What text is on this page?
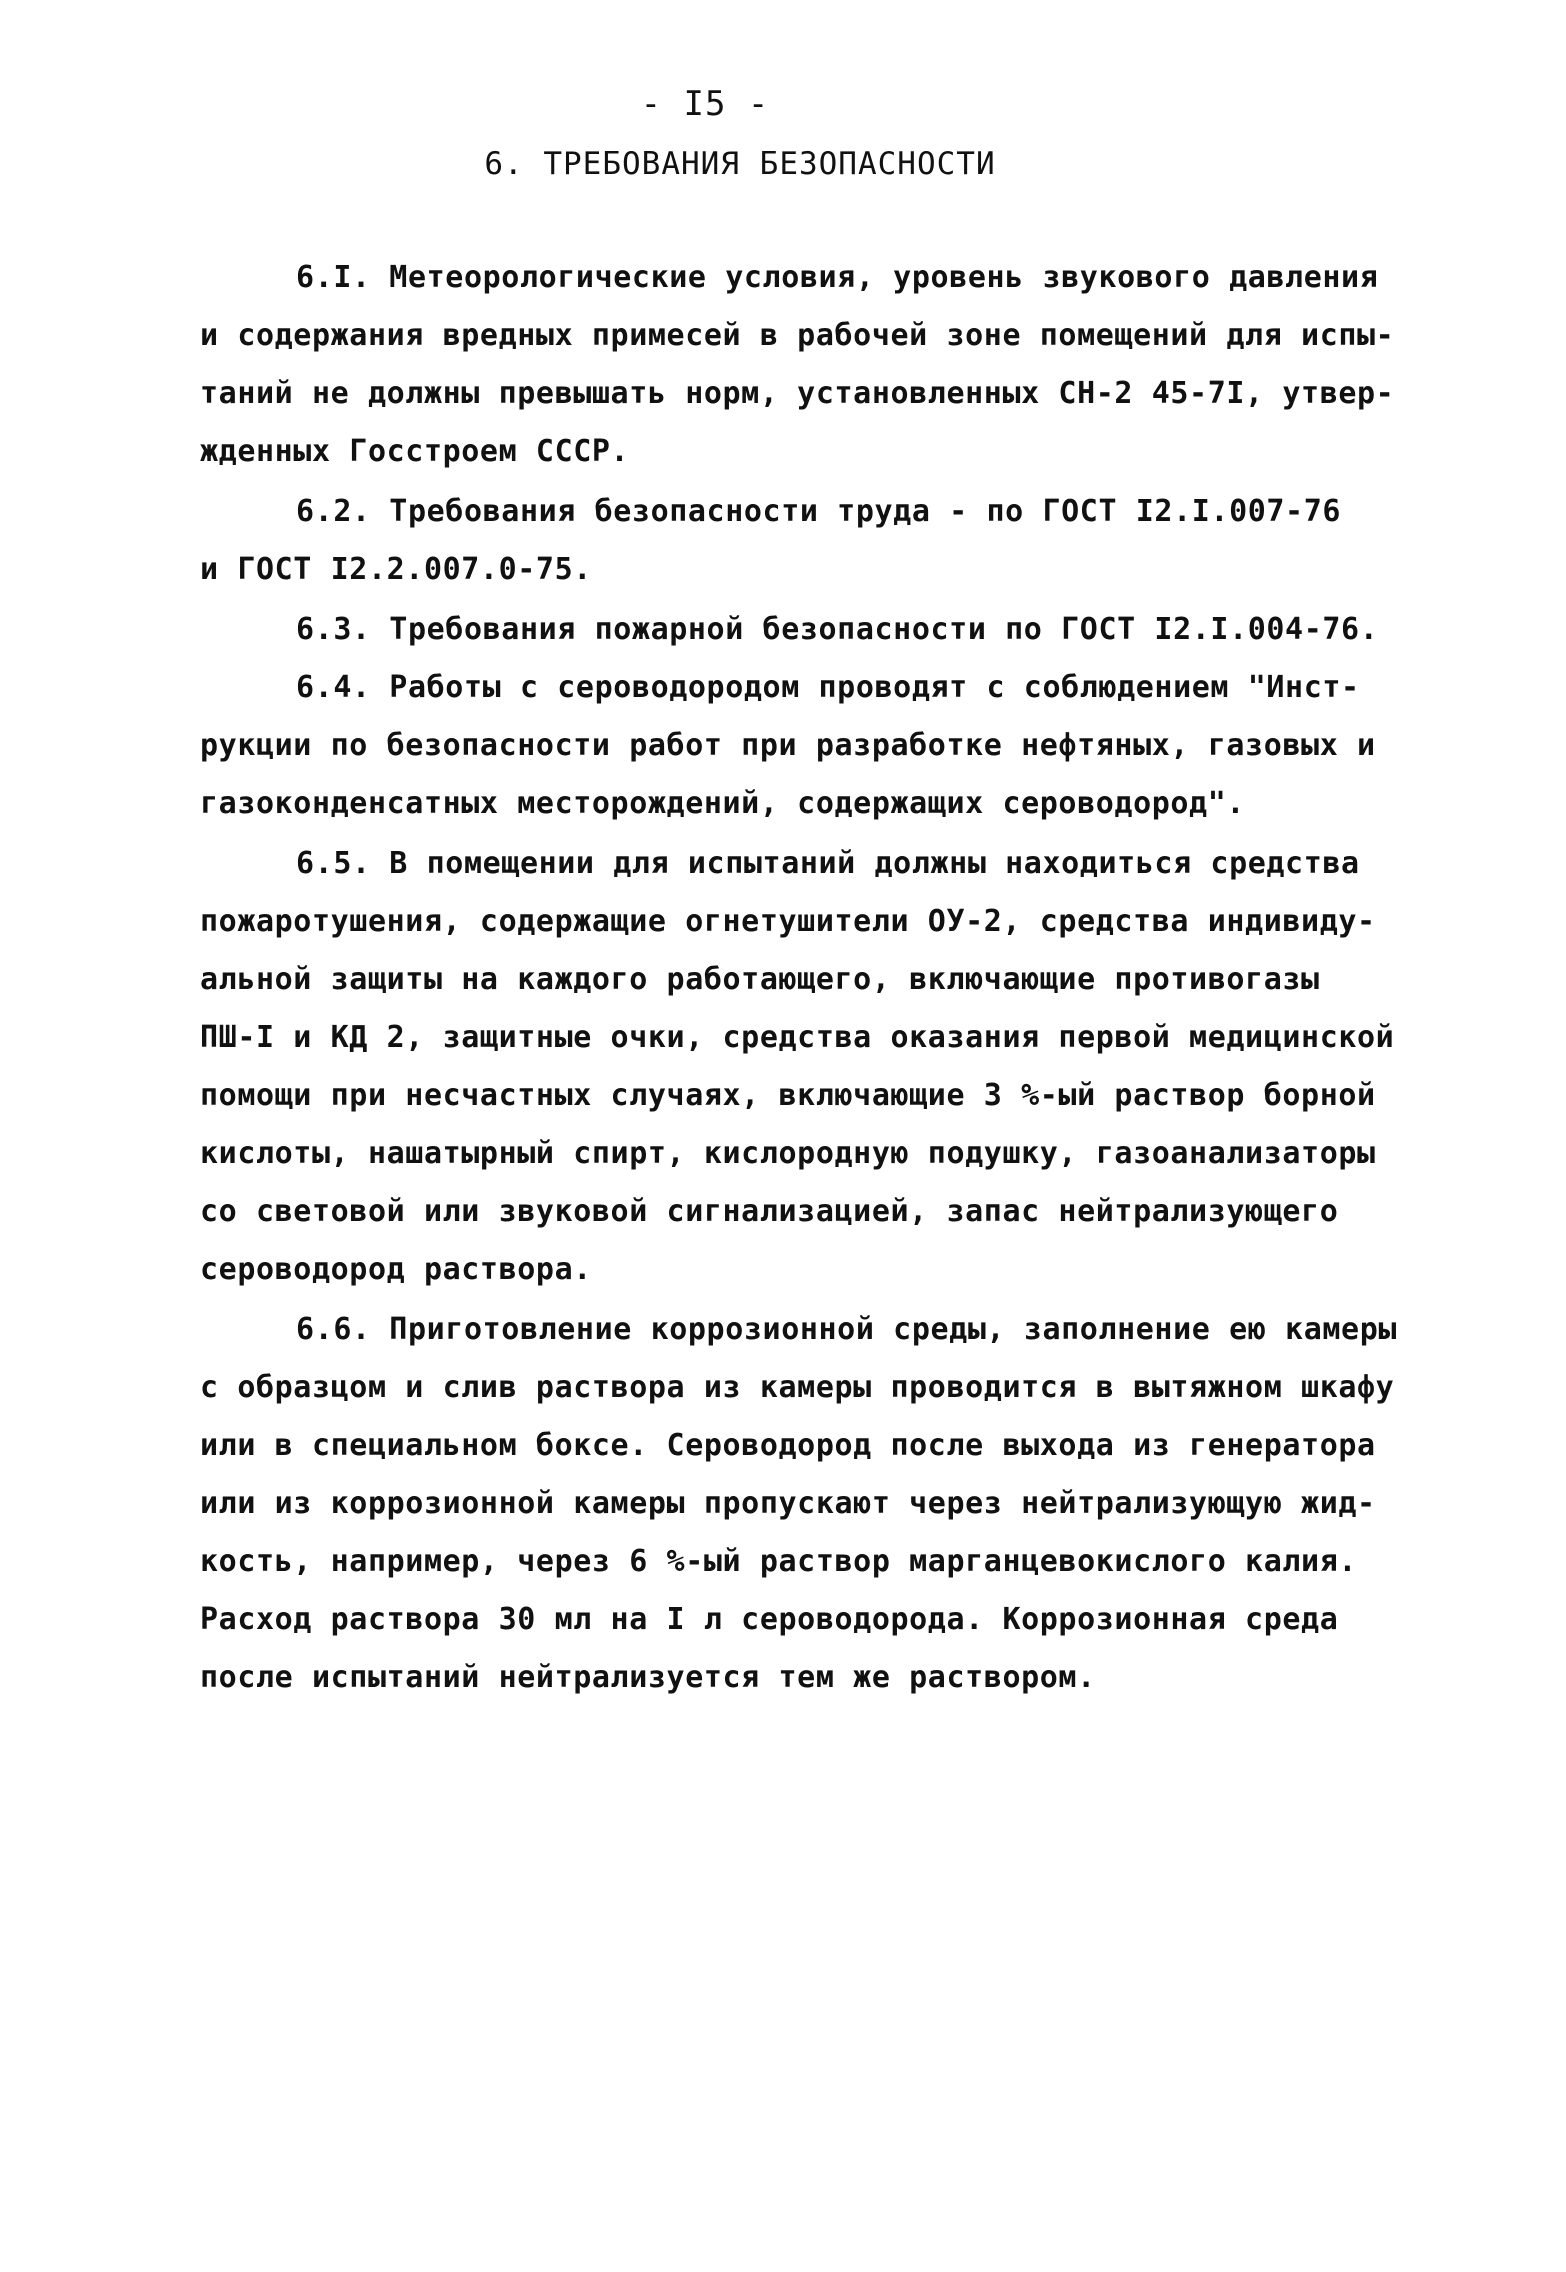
- I5 -
6. ТРЕБОВАНИЯ БЕЗОПАСНОСТИ
6.I. Метеорологические условия, уровень звукового давления
и содержания вредных примесей в рабочей зоне помещений для испы-
таний не должны превышать норм, установленных СН-2 45-7I, утвер-
жденных Госстроем СССР.
6.2. Требования безопасности труда - по ГОСТ I2.I.007-76
и ГОСТ I2.2.007.0-75.
6.3. Требования пожарной безопасности по ГОСТ I2.I.004-76.
6.4. Работы с сероводородом проводят с соблюдением "Инст-
рукции по безопасности работ при разработке нефтяных, газовых и
газоконденсатных месторождений, содержащих сероводород".
6.5. В помещении для испытаний должны находиться средства
пожаротушения, содержащие огнетушители ОУ-2, средства индивиду-
альной защиты на каждого работающего, включающие противогазы
ПШ-I и КД 2, защитные очки, средства оказания первой медицинской
помощи при несчастных случаях, включающие 3 %-ый раствор борной
кислоты, нашатырный спирт, кислородную подушку, газоанализаторы
со световой или звуковой сигнализацией, запас нейтрализующего
сероводород раствора.
6.6. Приготовление коррозионной среды, заполнение ею камеры
с образцом и слив раствора из камеры проводится в вытяжном шкафу
или в специальном боксе. Сероводород после выхода из генератора
или из коррозионной камеры пропускают через нейтрализующую жид-
кость, например, через 6 %-ый раствор марганцевокислого калия.
Расход раствора 30 мл на I л сероводорода. Коррозионная среда
после испытаний нейтрализуется тем же раствором.
